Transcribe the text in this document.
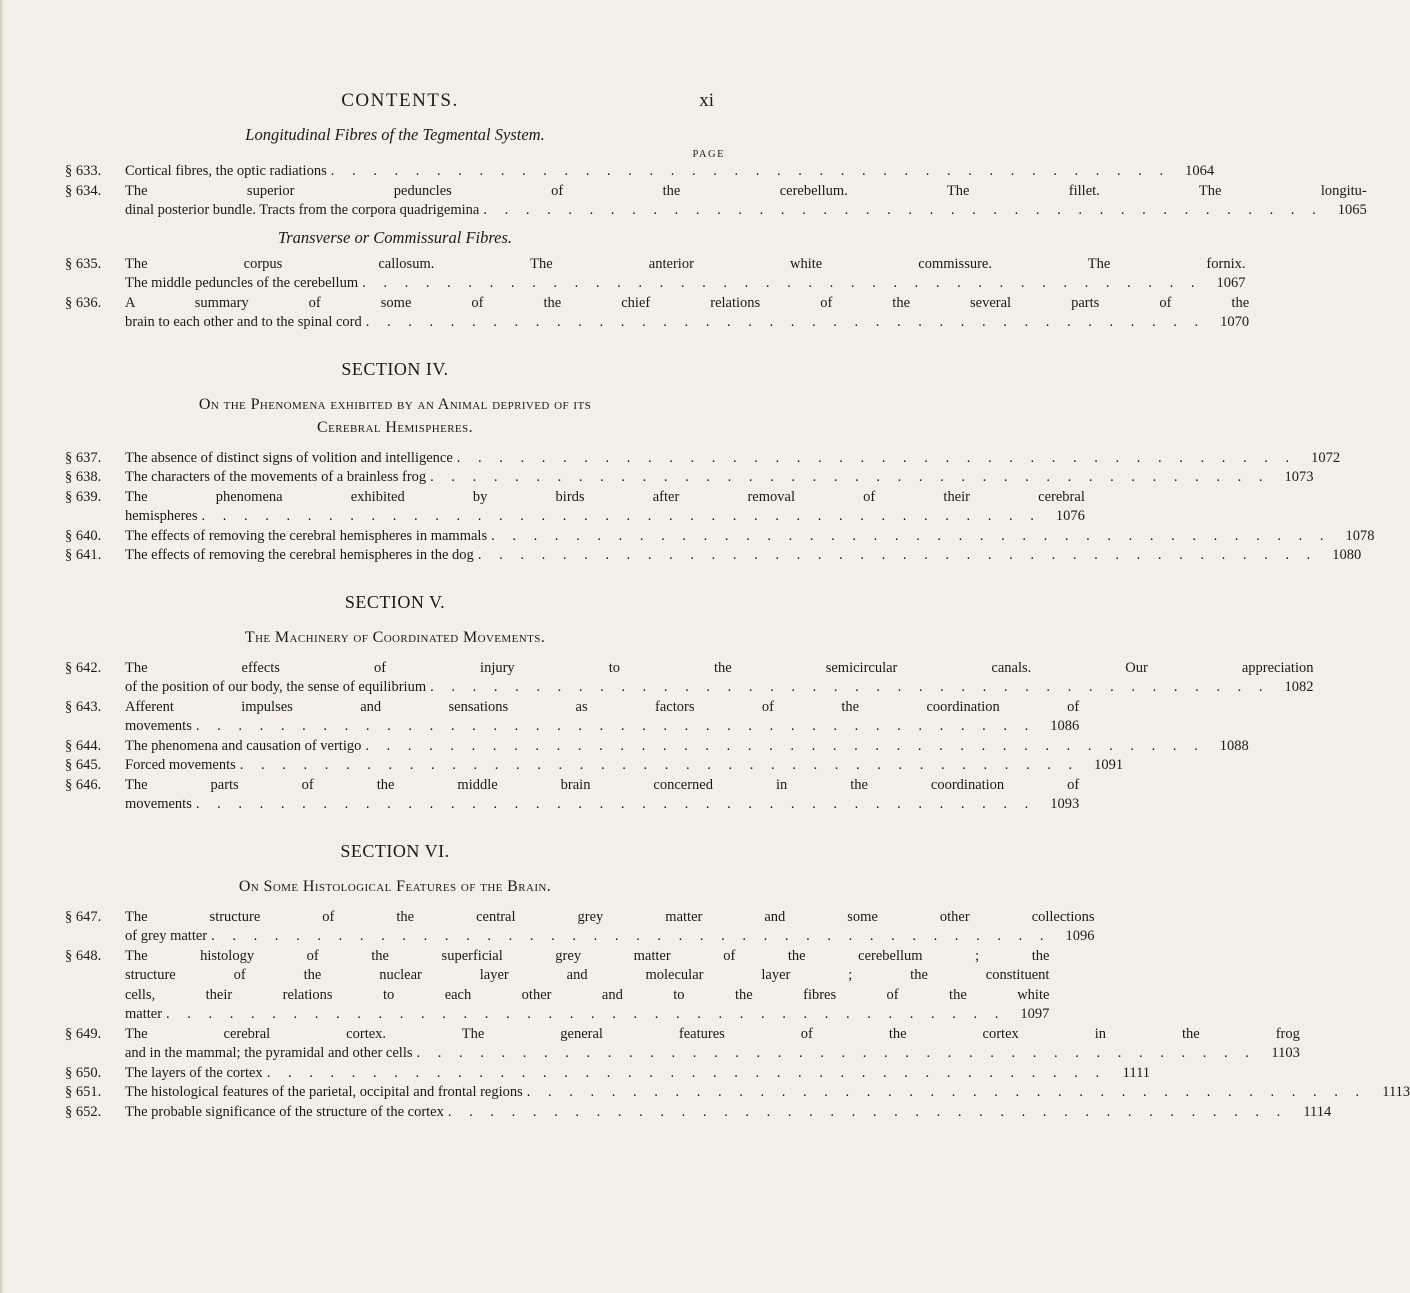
CONTENTS.	xi

Longitudinal Fibres of the Tegmental System.

PAGE

§ 633.	Cortical fibres, the optic radiations . . .	1064
§ 634.	The superior peduncles of the cerebellum. The fillet. The longitu-
dinal posterior bundle. Tracts from the corpora quadrigemina . . .	1065

Transverse or Commissural Fibres.

§ 635.	The corpus callosum. The anterior white commissure. The fornix.
The middle peduncles of the cerebellum . . .	1067
§ 636.	A summary of some of the chief relations of the several parts of the
brain to each other and to the spinal cord . . .	1070
SECTION IV.
On the Phenomena exhibited by an Animal deprived of its
Cerebral Hemispheres.
§ 637.	The absence of distinct signs of volition and intelligence . . .	1072
§ 638.	The characters of the movements of a brainless frog . . .	1073
§ 639.	The phenomena exhibited by birds after removal of their cerebral
hemispheres . . .	1076
§ 640.	The effects of removing the cerebral hemispheres in mammals . . .	1078
§ 641.	The effects of removing the cerebral hemispheres in the dog . . .	1080
SECTION V.
The Machinery of Coordinated Movements.
§ 642.	The effects of injury to the semicircular canals. Our appreciation
of the position of our body, the sense of equilibrium . . .	1082
§ 643.	Afferent impulses and sensations as factors of the coordination of
movements . . .	1086
§ 644.	The phenomena and causation of vertigo . . .	1088
§ 645.	Forced movements . . .	1091
§ 646.	The parts of the middle brain concerned in the coordination of
movements . . .	1093
SECTION VI.
On Some Histological Features of the Brain.
§ 647.	The structure of the central grey matter and some other collections
of grey matter . . .	1096
§ 648.	The histology of the superficial grey matter of the cerebellum ; the
structure of the nuclear layer and molecular layer ; the constituent
cells, their relations to each other and to the fibres of the white
matter . . .	1097
§ 649.	The cerebral cortex. The general features of the cortex in the frog
and in the mammal; the pyramidal and other cells . . .	1103
§ 650.	The layers of the cortex . . .	1111
§ 651.	The histological features of the parietal, occipital and frontal regions . . .	1113
§ 652.	The probable significance of the structure of the cortex . . .	1114
